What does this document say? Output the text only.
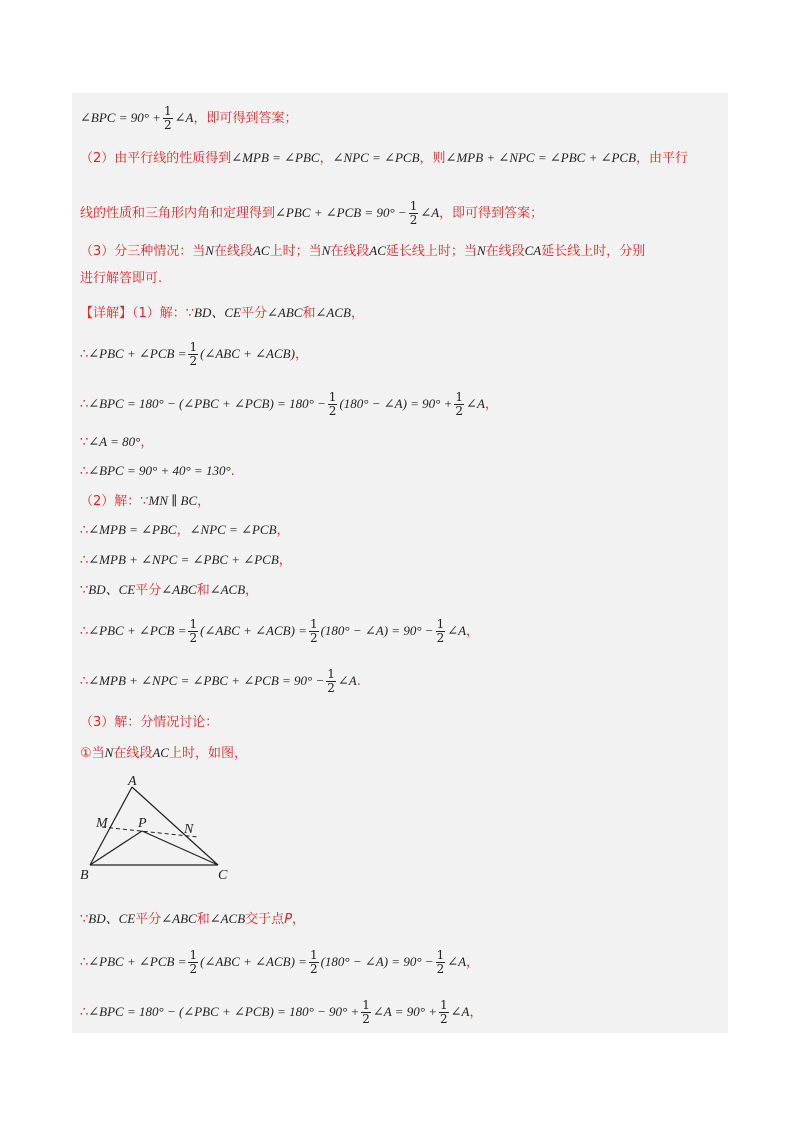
∠BPC = $90^\circ + \frac{1}{2}$ ∠A，即可得到答案；
（2）由平行线的性质得到∠MPB = ∠PBC，∠NPC = ∠PCB，则∠MPB + ∠NPC = ∠PBC + ∠PCB，由平行
线的性质和三角形内角和定理得到∠PBC + ∠PCB = $90^\circ - \frac{1}{2}$ ∠A，即可得到答案；
（3）分三种情况：当N在线段AC上时；当N在线段AC延长线上时；当N在线段CA延长线上时，分别
进行解答即可.
【详解】（1）解：∵BD、CE平分∠ABC和∠ACB，
∴∠PBC + ∠PCB = $\frac{1}{2}$ (∠ABC + ∠ACB)，
∴∠BPC = 180° − (∠PBC + ∠PCB) = $180^\circ - \frac{1}{2} (180^\circ$ − ∠A) = $90^\circ + \frac{1}{2}$ ∠A，
∵∠A = 80°，
∴∠BPC = 90° + 40° = 130°.
（2）解：∵MN ∥ BC，
∴∠MPB = ∠PBC，∠NPC = ∠PCB，
∴∠MPB + ∠NPC = ∠PBC + ∠PCB，
∵BD、CE平分∠ABC和∠ACB，
∴∠PBC + ∠PCB = $\frac{1}{2}$ (∠ABC + ∠ACB) = $\frac{1}{2} (180^\circ$ − ∠A) = $90^\circ - \frac{1}{2}$ ∠A，
∴∠MPB + ∠NPC = ∠PBC + ∠PCB = $90^\circ - \frac{1}{2}$ ∠A.
（3）解：分情况讨论：
①当N在线段AC上时，如图，
A
M P	N
B	C
∵BD、CE平分∠ABC和∠ACB交于点P，
∴∠PBC + ∠PCB = $\frac{1}{2}$ (∠ABC + ∠ACB) = $\frac{1}{2} (180^\circ$ − ∠A) = $90^\circ - \frac{1}{2}$ ∠A，
∴∠BPC = 180° − (∠PBC + ∠PCB) = $180^\circ - 90^\circ + \frac{1}{2}$ ∠A = $90^\circ + \frac{1}{2}$ ∠A，
